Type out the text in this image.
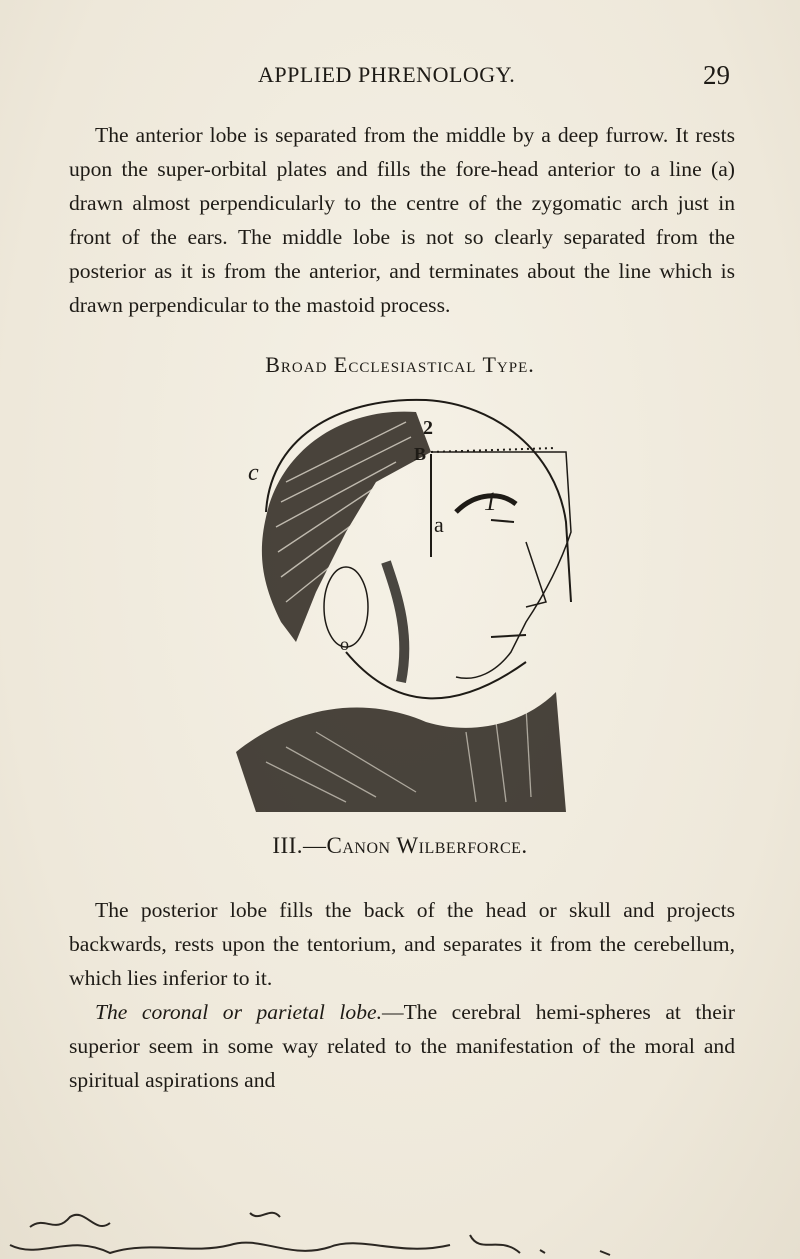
APPLIED PHRENOLOGY.	29

The anterior lobe is separated from the middle by a deep furrow. It rests upon the super-orbital plates and fills the fore-head anterior to a line (a) drawn almost perpendicularly to the centre of the zygomatic arch just in front of the ears. The middle lobe is not so clearly separated from the posterior as it is from the anterior, and terminates about the line which is drawn perpendicular to the mastoid process.

Broad Ecclesiastical Type.
c
2
B
1
a
o
III.—Canon Wilberforce.

The posterior lobe fills the back of the head or skull and projects backwards, rests upon the tentorium, and separates it from the cerebellum, which lies inferior to it.

The coronal or parietal lobe.—The cerebral hemi-spheres at their superior seem in some way related to the manifestation of the moral and spiritual aspirations and
